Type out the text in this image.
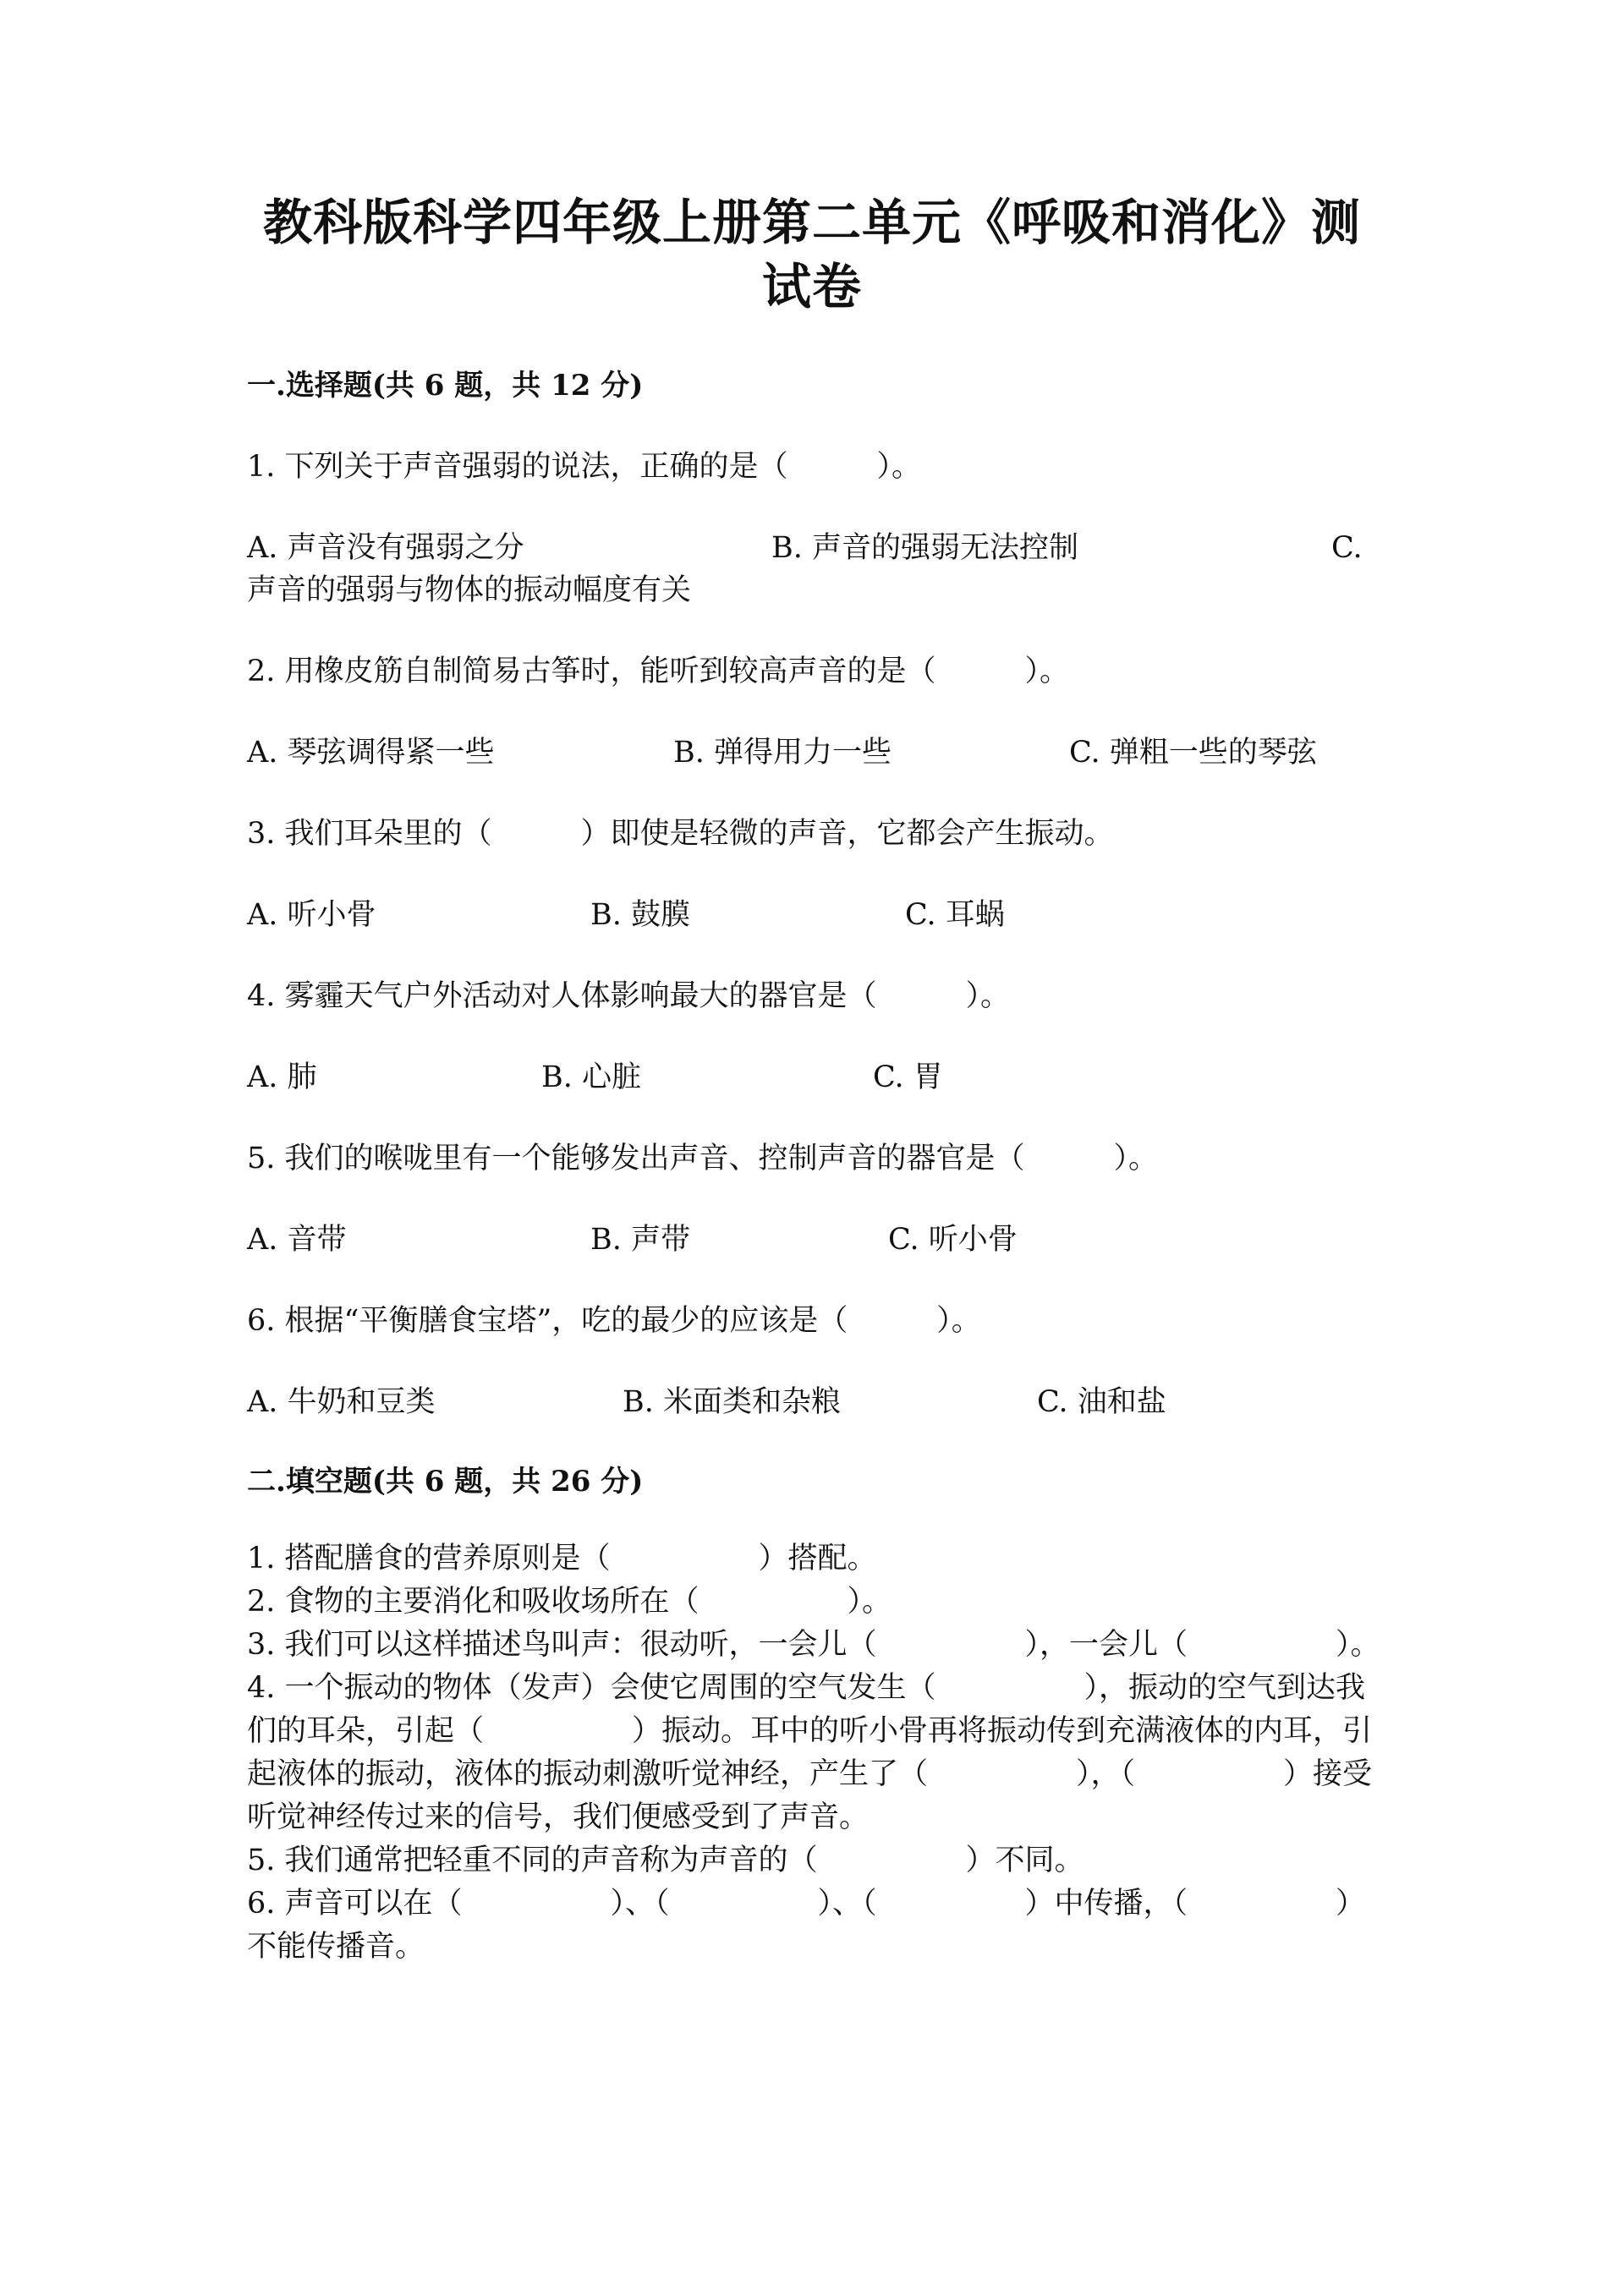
教科版科学四年级上册第二单元《呼吸和消化》测试卷
一.选择题(共 6 题，共 12 分)
1. 下列关于声音强弱的说法，正确的是（　　　）。
A. 声音没有强弱之分	B. 声音的强弱无法控制	C.
声音的强弱与物体的振动幅度有关
2. 用橡皮筋自制简易古筝时，能听到较高声音的是（　　　）。
A. 琴弦调得紧一些	B. 弹得用力一些	C. 弹粗一些的琴弦
3. 我们耳朵里的（　　　）即使是轻微的声音，它都会产生振动。
A. 听小骨	B. 鼓膜	C. 耳蜗
4. 雾霾天气户外活动对人体影响最大的器官是（　　　）。
A. 肺	B. 心脏	C. 胃
5. 我们的喉咙里有一个能够发出声音、控制声音的器官是（　　　）。
A. 音带	B. 声带	C. 听小骨
6. 根据“平衡膳食宝塔”，吃的最少的应该是（　　　）。
A. 牛奶和豆类	B. 米面类和杂粮	C. 油和盐
二.填空题(共 6 题，共 26 分)

1. 搭配膳食的营养原则是（　　　　　）搭配。

2. 食物的主要消化和吸收场所在（　　　　　）。

3. 我们可以这样描述鸟叫声：很动听，一会儿（　　　　　），一会儿（　　　　　）。

4. 一个振动的物体（发声）会使它周围的空气发生（　　　　　），振动的空气到达我们的耳朵，引起（　　　　　）振动。耳中的听小骨再将振动传到充满液体的内耳，引起液体的振动，液体的振动刺激听觉神经，产生了（　　　　　），（　　　　　）接受听觉神经传过来的信号，我们便感受到了声音。

5. 我们通常把轻重不同的声音称为声音的（　　　　　）不同。

6. 声音可以在（　　　　　）、（　　　　　）、（　　　　　）中传播，（　　　　　）不能传播音。
